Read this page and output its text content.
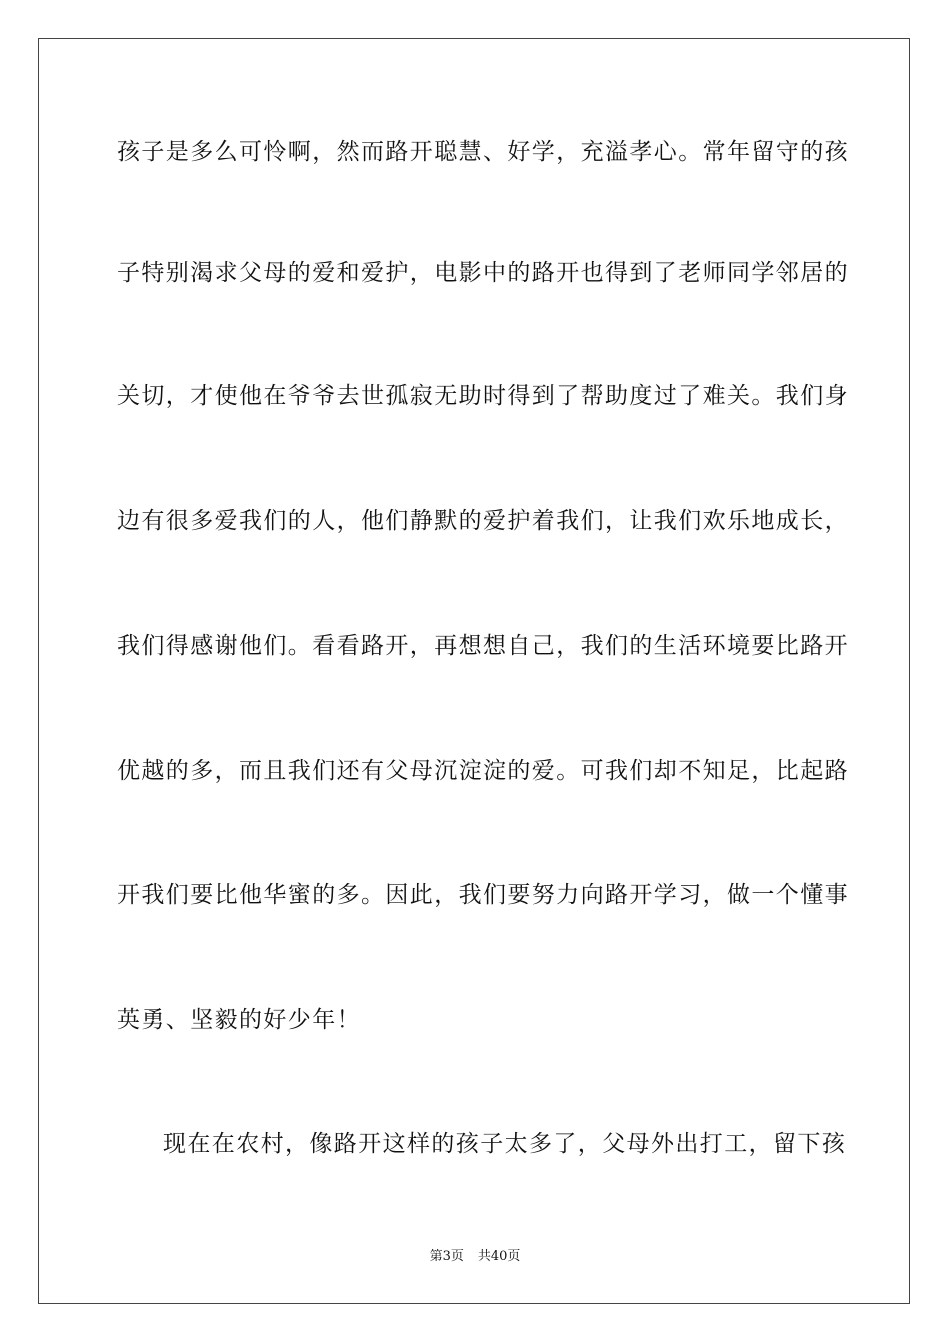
孩子是多么可怜啊，然而路开聪慧、好学，充溢孝心。常年留守的孩
子特别渴求父母的爱和爱护，电影中的路开也得到了老师同学邻居的
关切，才使他在爷爷去世孤寂无助时得到了帮助度过了难关。我们身
边有很多爱我们的人，他们静默的爱护着我们，让我们欢乐地成长，
我们得感谢他们。看看路开，再想想自己，我们的生活环境要比路开
优越的多，而且我们还有父母沉淀淀的爱。可我们却不知足，比起路
开我们要比他华蜜的多。因此，我们要努力向路开学习，做一个懂事
英勇、坚毅的好少年！
现在在农村，像路开这样的孩子太多了，父母外出打工，留下孩
第3页 共40页
